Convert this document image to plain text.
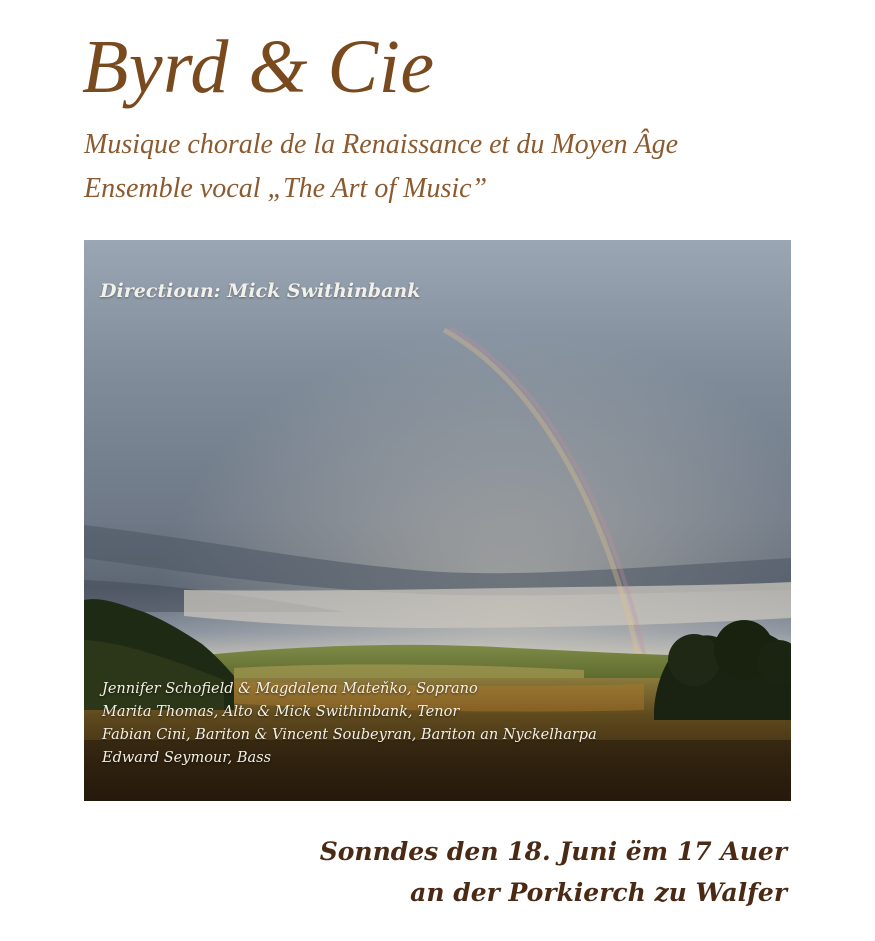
Byrd & Cie
Musique chorale de la Renaissance et du Moyen Âge
Ensemble vocal „The Art of Music”
Directioun: Mick Swithinbank
Jennifer Schofield & Magdalena Mateňko, Soprano
Marita Thomas, Alto & Mick Swithinbank, Tenor
Fabian Cini, Bariton & Vincent Soubeyran, Bariton an Nyckelharpa
Edward Seymour, Bass
Sonndes den 18. Juni ëm 17 Auer
an der Porkierch zu Walfer
